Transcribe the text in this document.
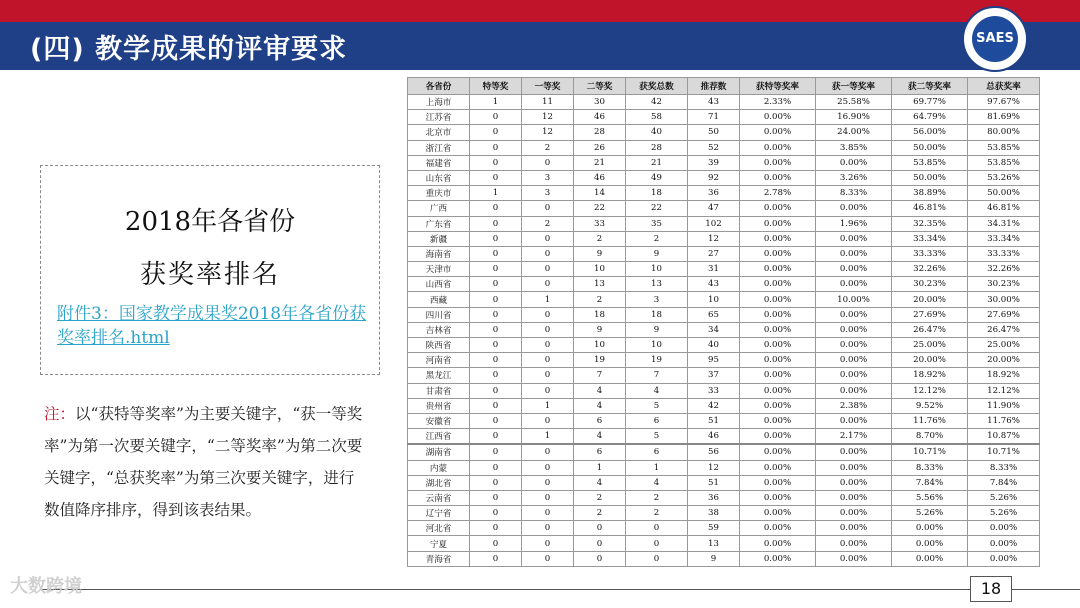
(四) 教学成果的评审要求	SAES
2018年各省份
获奖率排名
附件3：国家教学成果奖2018年各省份获奖率排名.html
注：以“获特等奖率”为主要关键字，“获一等奖率”为第一次要关键字，“二等奖率”为第二次要关键字，“总获奖率”为第三次要关键字，进行数值降序排序，得到该表结果。
各省份	特等奖	一等奖	二等奖	获奖总数	推荐数	获特等奖率	获一等奖率	获二等奖率	总获奖率
上海市	1	11	30	42	43	2.33%	25.58%	69.77%	97.67%
江苏省	0	12	46	58	71	0.00%	16.90%	64.79%	81.69%
北京市	0	12	28	40	50	0.00%	24.00%	56.00%	80.00%
浙江省	0	2	26	28	52	0.00%	3.85%	50.00%	53.85%
福建省	0	0	21	21	39	0.00%	0.00%	53.85%	53.85%
山东省	0	3	46	49	92	0.00%	3.26%	50.00%	53.26%
重庆市	1	3	14	18	36	2.78%	8.33%	38.89%	50.00%
广西	0	0	22	22	47	0.00%	0.00%	46.81%	46.81%
广东省	0	2	33	35	102	0.00%	1.96%	32.35%	34.31%
新疆	0	0	2	2	12	0.00%	0.00%	33.34%	33.34%
海南省	0	0	9	9	27	0.00%	0.00%	33.33%	33.33%
天津市	0	0	10	10	31	0.00%	0.00%	32.26%	32.26%
山西省	0	0	13	13	43	0.00%	0.00%	30.23%	30.23%
西藏	0	1	2	3	10	0.00%	10.00%	20.00%	30.00%
四川省	0	0	18	18	65	0.00%	0.00%	27.69%	27.69%
吉林省	0	0	9	9	34	0.00%	0.00%	26.47%	26.47%
陕西省	0	0	10	10	40	0.00%	0.00%	25.00%	25.00%
河南省	0	0	19	19	95	0.00%	0.00%	20.00%	20.00%
黑龙江	0	0	7	7	37	0.00%	0.00%	18.92%	18.92%
甘肃省	0	0	4	4	33	0.00%	0.00%	12.12%	12.12%
贵州省	0	1	4	5	42	0.00%	2.38%	9.52%	11.90%
安徽省	0	0	6	6	51	0.00%	0.00%	11.76%	11.76%
江西省	0	1	4	5	46	0.00%	2.17%	8.70%	10.87%
湖南省	0	0	6	6	56	0.00%	0.00%	10.71%	10.71%
内蒙	0	0	1	1	12	0.00%	0.00%	8.33%	8.33%
湖北省	0	0	4	4	51	0.00%	0.00%	7.84%	7.84%
云南省	0	0	2	2	36	0.00%	0.00%	5.56%	5.26%
辽宁省	0	0	2	2	38	0.00%	0.00%	5.26%	5.26%
河北省	0	0	0	0	59	0.00%	0.00%	0.00%	0.00%
宁夏	0	0	0	0	13	0.00%	0.00%	0.00%	0.00%
青海省	0	0	0	0	9	0.00%	0.00%	0.00%	0.00%
18
大数跨境
